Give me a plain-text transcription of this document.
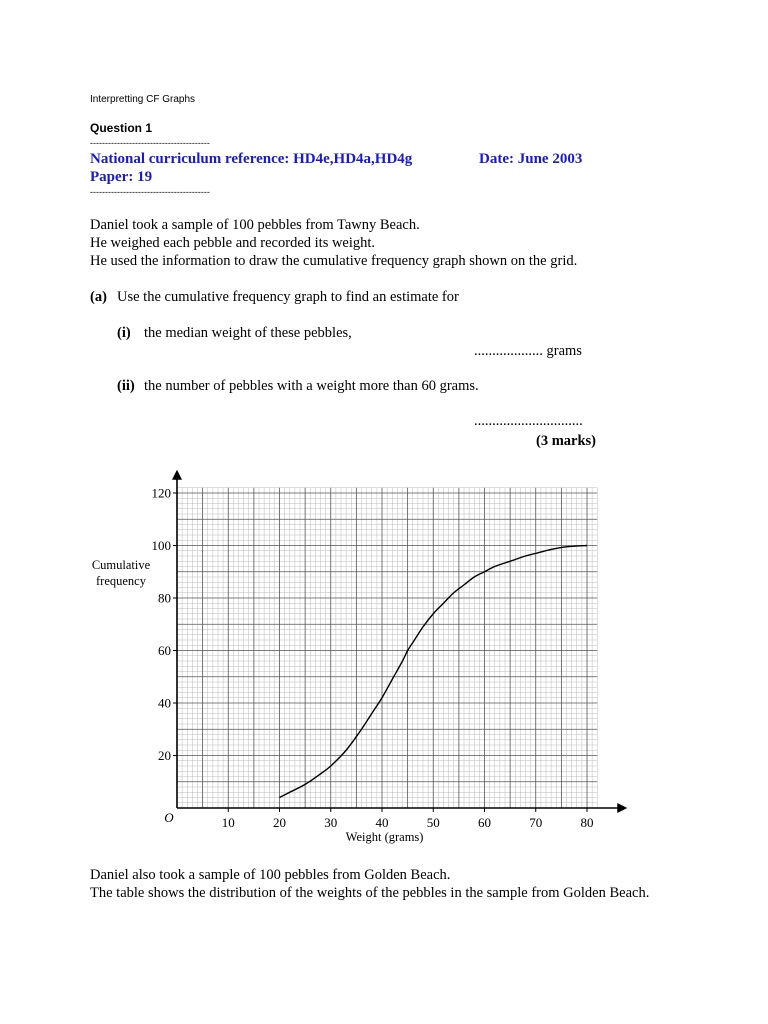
Interpretting CF Graphs
Question 1
----------------------------------------
National curriculum reference: HD4e,HD4a,HD4g	Date: June 2003
Paper: 19
----------------------------------------
Daniel took a sample of 100 pebbles from Tawny Beach.
He weighed each pebble and recorded its weight.
He used the information to draw the cumulative frequency graph shown on the grid.
(a) Use the cumulative frequency graph to find an estimate for
(i) the median weight of these pebbles,
................... grams
(ii) the number of pebbles with a weight more than 60 grams.
..............................
(3 marks)
10	20	30	40	50	60	70	80
20
40
60
80
100
120
Cumulative
frequency
Weight (grams)
O
Daniel also took a sample of 100 pebbles from Golden Beach.
The table shows the distribution of the weights of the pebbles in the sample from Golden Beach.
